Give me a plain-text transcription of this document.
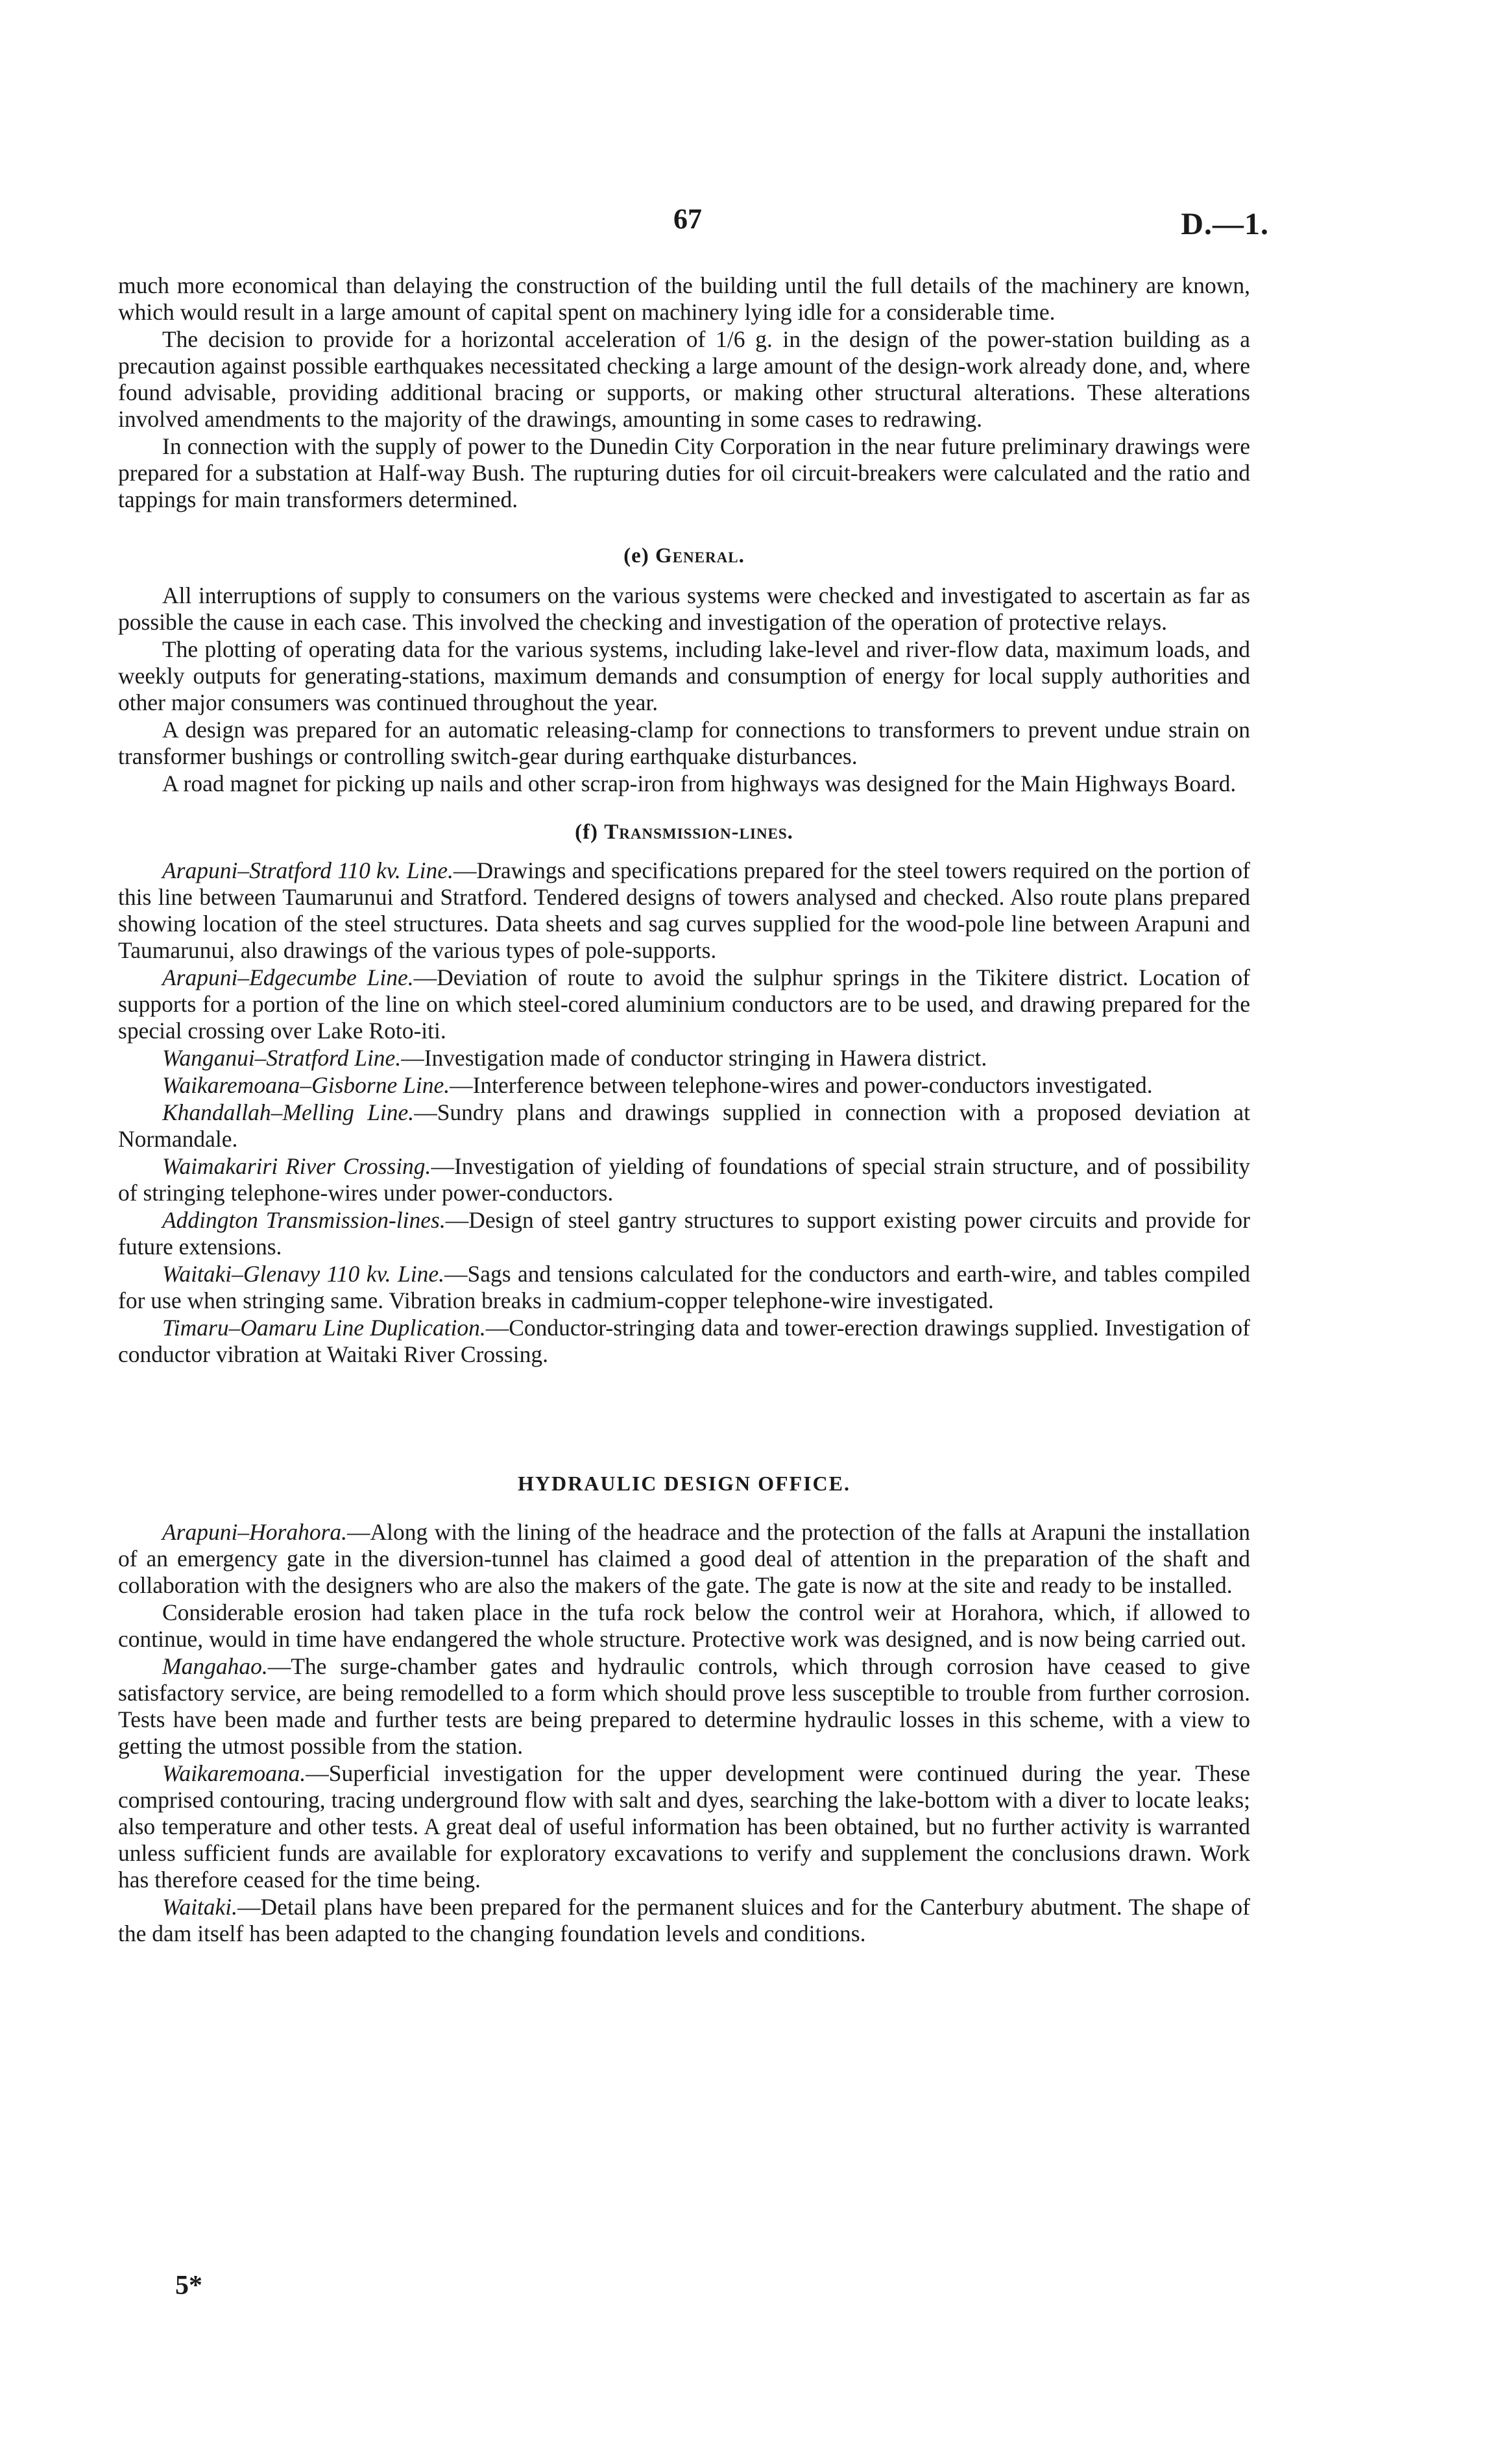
67	D.—1.

much more economical than delaying the construction of the building until the full details of the machinery are known, which would result in a large amount of capital spent on machinery lying idle for a considerable time.

The decision to provide for a horizontal acceleration of 1/6 g. in the design of the power-station building as a precaution against possible earthquakes necessitated checking a large amount of the design-work already done, and, where found advisable, providing additional bracing or supports, or making other structural alterations. These alterations involved amendments to the majority of the drawings, amounting in some cases to redrawing.

In connection with the supply of power to the Dunedin City Corporation in the near future preliminary drawings were prepared for a substation at Half-way Bush. The rupturing duties for oil circuit-breakers were calculated and the ratio and tappings for main transformers determined.

(e) General.

All interruptions of supply to consumers on the various systems were checked and investigated to ascertain as far as possible the cause in each case. This involved the checking and investigation of the operation of protective relays.

The plotting of operating data for the various systems, including lake-level and river-flow data, maximum loads, and weekly outputs for generating-stations, maximum demands and consumption of energy for local supply authorities and other major consumers was continued throughout the year.

A design was prepared for an automatic releasing-clamp for connections to transformers to prevent undue strain on transformer bushings or controlling switch-gear during earthquake disturbances.

A road magnet for picking up nails and other scrap-iron from highways was designed for the Main Highways Board.

(f) Transmission-lines.

Arapuni–Stratford 110 kv. Line.—Drawings and specifications prepared for the steel towers required on the portion of this line between Taumarunui and Stratford. Tendered designs of towers analysed and checked. Also route plans prepared showing location of the steel structures. Data sheets and sag curves supplied for the wood-pole line between Arapuni and Taumarunui, also drawings of the various types of pole-supports.

Arapuni–Edgecumbe Line.—Deviation of route to avoid the sulphur springs in the Tikitere district. Location of supports for a portion of the line on which steel-cored aluminium conductors are to be used, and drawing prepared for the special crossing over Lake Roto-iti.

Wanganui–Stratford Line.—Investigation made of conductor stringing in Hawera district.

Waikaremoana–Gisborne Line.—Interference between telephone-wires and power-conductors investigated.

Khandallah–Melling Line.—Sundry plans and drawings supplied in connection with a proposed deviation at Normandale.

Waimakariri River Crossing.—Investigation of yielding of foundations of special strain structure, and of possibility of stringing telephone-wires under power-conductors.

Addington Transmission-lines.—Design of steel gantry structures to support existing power circuits and provide for future extensions.

Waitaki–Glenavy 110 kv. Line.—Sags and tensions calculated for the conductors and earth-wire, and tables compiled for use when stringing same. Vibration breaks in cadmium-copper telephone-wire investigated.

Timaru–Oamaru Line Duplication.—Conductor-stringing data and tower-erection drawings supplied. Investigation of conductor vibration at Waitaki River Crossing.

HYDRAULIC DESIGN OFFICE.

Arapuni–Horahora.—Along with the lining of the headrace and the protection of the falls at Arapuni the installation of an emergency gate in the diversion-tunnel has claimed a good deal of attention in the preparation of the shaft and collaboration with the designers who are also the makers of the gate. The gate is now at the site and ready to be installed.

Considerable erosion had taken place in the tufa rock below the control weir at Horahora, which, if allowed to continue, would in time have endangered the whole structure. Protective work was designed, and is now being carried out.

Mangahao.—The surge-chamber gates and hydraulic controls, which through corrosion have ceased to give satisfactory service, are being remodelled to a form which should prove less susceptible to trouble from further corrosion. Tests have been made and further tests are being prepared to determine hydraulic losses in this scheme, with a view to getting the utmost possible from the station.

Waikaremoana.—Superficial investigation for the upper development were continued during the year. These comprised contouring, tracing underground flow with salt and dyes, searching the lake-bottom with a diver to locate leaks; also temperature and other tests. A great deal of useful information has been obtained, but no further activity is warranted unless sufficient funds are available for exploratory excavations to verify and supplement the conclusions drawn. Work has therefore ceased for the time being.

Waitaki.—Detail plans have been prepared for the permanent sluices and for the Canterbury abutment. The shape of the dam itself has been adapted to the changing foundation levels and conditions.

5*
